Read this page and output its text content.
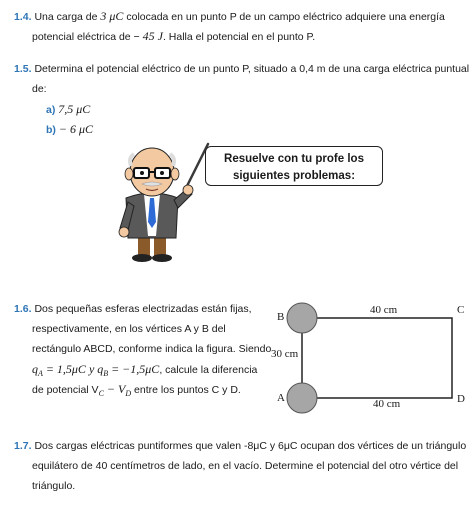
1.4. Una carga de 3 μC colocada en un punto P de un campo eléctrico adquiere una energía
potencial eléctrica de − 45 J. Halla el potencial en el punto P.
1.5. Determina el potencial eléctrico de un punto P, situado a 0,4 m de una carga eléctrica puntual
de:
a) 7,5 μC
b) − 6 μC
Resuelve con tu profe los
siguientes problemas:
1.6. Dos pequeñas esferas electrizadas están fijas,
respectivamente, en los vértices A y B del
rectángulo ABCD, conforme indica la figura. Siendo
$q_A = 1,5\mu C$ y $q_B = -1,5\mu C$, calcule la diferencia
de potencial $V_C - V_D$ entre los puntos C y D.
B
C
A	D
40 cm
40 cm
30 cm
1.7. Dos cargas eléctricas puntiformes que valen -8μC y 6μC ocupan dos vértices de un triángulo
equilátero de 40 centímetros de lado, en el vacío. Determine el potencial del otro vértice del
triángulo.
